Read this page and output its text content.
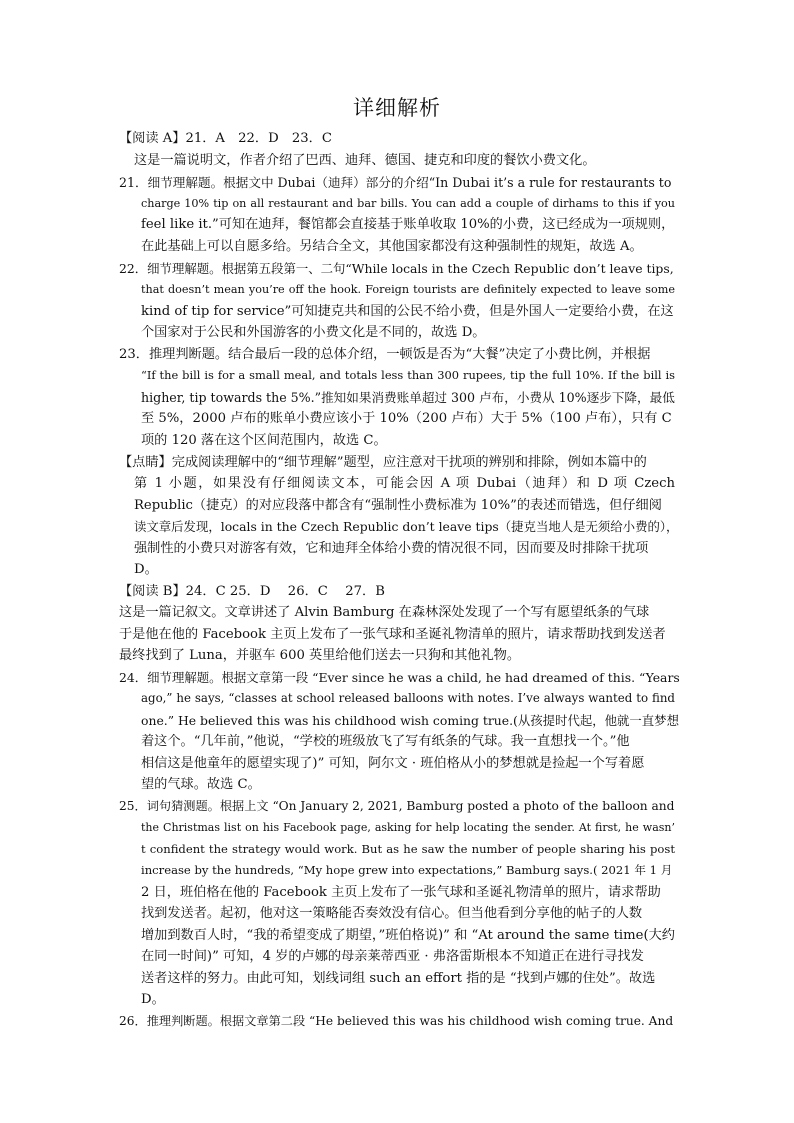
详细解析
【阅读 A】21．A　22．D　23．C
这是一篇说明文，作者介绍了巴西、迪拜、德国、捷克和印度的餐饮小费文化。
21．细节理解题。根据文中 Dubai（迪拜）部分的介绍“In Dubai it’s a rule for restaurants to
charge 10% tip on all restaurant and bar bills. You can add a couple of dirhams to this if you
feel like it.”可知在迪拜，餐馆都会直接基于账单收取 10%的小费，这已经成为一项规则，
在此基础上可以自愿多给。另结合全文，其他国家都没有这种强制性的规矩，故选 A。
22．细节理解题。根据第五段第一、二句“While locals in the Czech Republic don’t leave tips,
that doesn’t mean you’re off the hook. Foreign tourists are definitely expected to leave some
kind of tip for service”可知捷克共和国的公民不给小费，但是外国人一定要给小费，在这
个国家对于公民和外国游客的小费文化是不同的，故选 D。
23．推理判断题。结合最后一段的总体介绍，一顿饭是否为“大餐”决定了小费比例，并根据
“If the bill is for a small meal, and totals less than 300 rupees, tip the full 10%. If the bill is
higher, tip towards the 5%.”推知如果消费账单超过 300 卢布，小费从 10%逐步下降，最低
至 5%，2000 卢布的账单小费应该小于 10%（200 卢布）大于 5%（100 卢布），只有 C
项的 120 落在这个区间范围内，故选 C。
【点睛】完成阅读理解中的“细节理解”题型，应注意对干扰项的辨别和排除，例如本篇中的
第 1 小题，如果没有仔细阅读文本，可能会因 A 项 Dubai（迪拜）和 D 项 Czech
Republic（捷克）的对应段落中都含有“强制性小费标准为 10%”的表述而错选，但仔细阅
读文章后发现，locals in the Czech Republic don’t leave tips（捷克当地人是无须给小费的），
强制性的小费只对游客有效，它和迪拜全体给小费的情况很不同，因而要及时排除干扰项
D。
【阅读 B】24．C 25．D　 26．C　 27．B
这是一篇记叙文。文章讲述了 Alvin Bamburg 在森林深处发现了一个写有愿望纸条的气球
于是他在他的 Facebook 主页上发布了一张气球和圣诞礼物清单的照片，请求帮助找到发送者
最终找到了 Luna，并驱车 600 英里给他们送去一只狗和其他礼物。
24．细节理解题。根据文章第一段 “Ever since he was a child, he had dreamed of this. “Years
ago,” he says, “classes at school released balloons with notes. I’ve always wanted to find
one.” He believed this was his childhood wish coming true.(从孩提时代起，他就一直梦想
着这个。“几年前，”他说，“学校的班级放飞了写有纸条的气球。我一直想找一个。”他
相信这是他童年的愿望实现了)” 可知，阿尔文 · 班伯格从小的梦想就是捡起一个写着愿
望的气球。故选 C。
25．词句猜测题。根据上文 “On January 2, 2021, Bamburg posted a photo of the balloon and
the Christmas list on his Facebook page, asking for help locating the sender. At first, he wasn’
t confident the strategy would work. But as he saw the number of people sharing his post
increase by the hundreds, “My hope grew into expectations,” Bamburg says.( 2021 年 1 月
2 日，班伯格在他的 Facebook 主页上发布了一张气球和圣诞礼物清单的照片，请求帮助
找到发送者。起初，他对这一策略能否奏效没有信心。但当他看到分享他的帖子的人数
增加到数百人时，“我的希望变成了期望，”班伯格说)” 和 “At around the same time(大约
在同一时间)” 可知，4 岁的卢娜的母亲莱蒂西亚 · 弗洛雷斯根本不知道正在进行寻找发
送者这样的努力。由此可知，划线词组 such an effort 指的是 “找到卢娜的住处”。故选
D。
26．推理判断题。根据文章第二段 “He believed this was his childhood wish coming true. And
